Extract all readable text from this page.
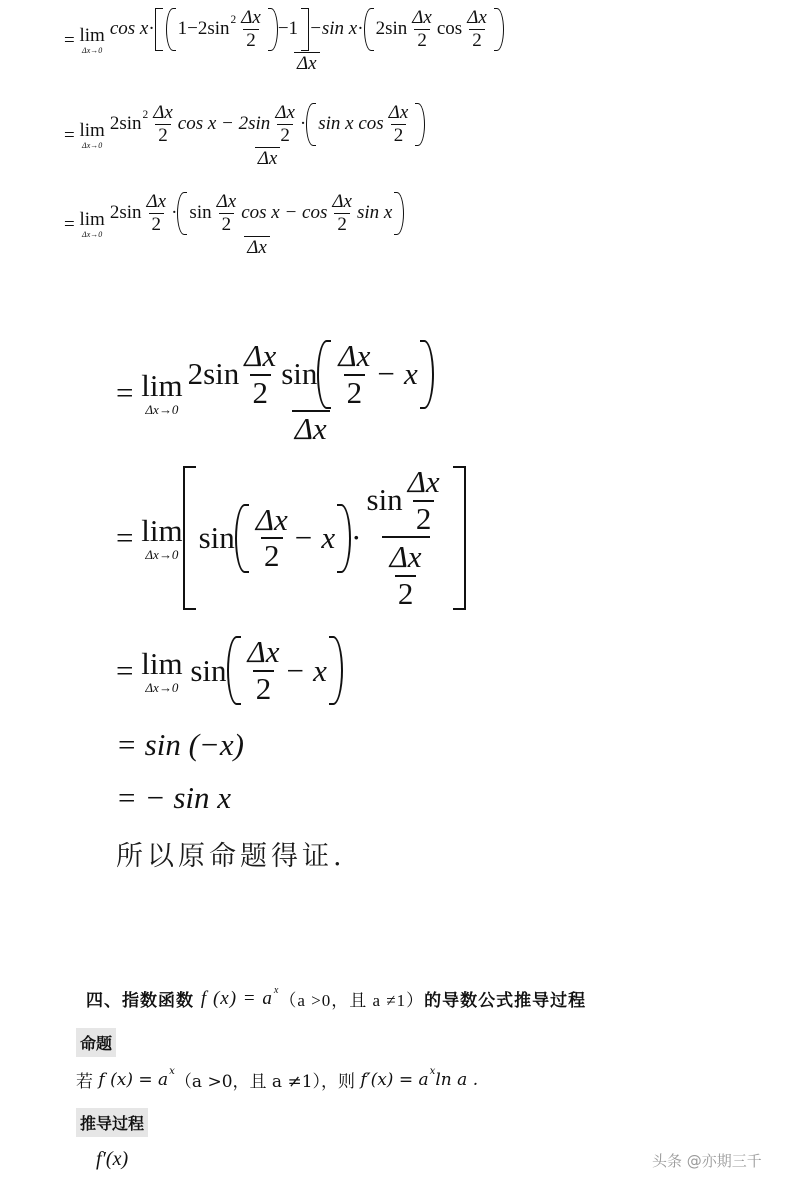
=
lim
Δx→0
cos x · 1−2sin $2 \frac{\Delta x}{2} -1 -\sin$ $x \cdot 2\sin \frac{\Delta x}{2}$ $\cos \frac{\Delta x}{2}$
Δx
=
lim
Δx→0
2sin $2 \frac{\Delta x}{2}$ $\cos x - 2\sin \frac{\Delta x}{2} \cdot \sin x$ $\cos \frac{\Delta x}{2}$
Δx
=
lim
Δx→0
$2\sin \frac{\Delta x}{2} \cdot \sin \frac{\Delta x}{2}$ $\cos x - \cos \frac{\Delta x}{2}$ sin x
Δx
=
lim
$\Delta x\to 0 \frac{2\sin \frac{\Delta x}{2} \sin \frac{\Delta x}{2} - x}{\Delta x}$
=
lim
Δx→0 $\sin \frac{\Delta x}{2} - x \cdot \frac{\sin \frac{\Delta x}{2}}{\frac{\Delta x}{2}}$
=
lim
Δx→0
$\sin \frac{\Delta x}{2} - x$
= sin (−x)
= − sin x
所以原命题得证.
四、指数函数
f (x) = a x
（a >0，且 a ≠1） 的导数公式推导过程
命题
若
f (x) = a x
（a >0，且 a ≠1），则
f′(x) = a x ln a .
推导过程
f′(x)	头条 @亦期三千
